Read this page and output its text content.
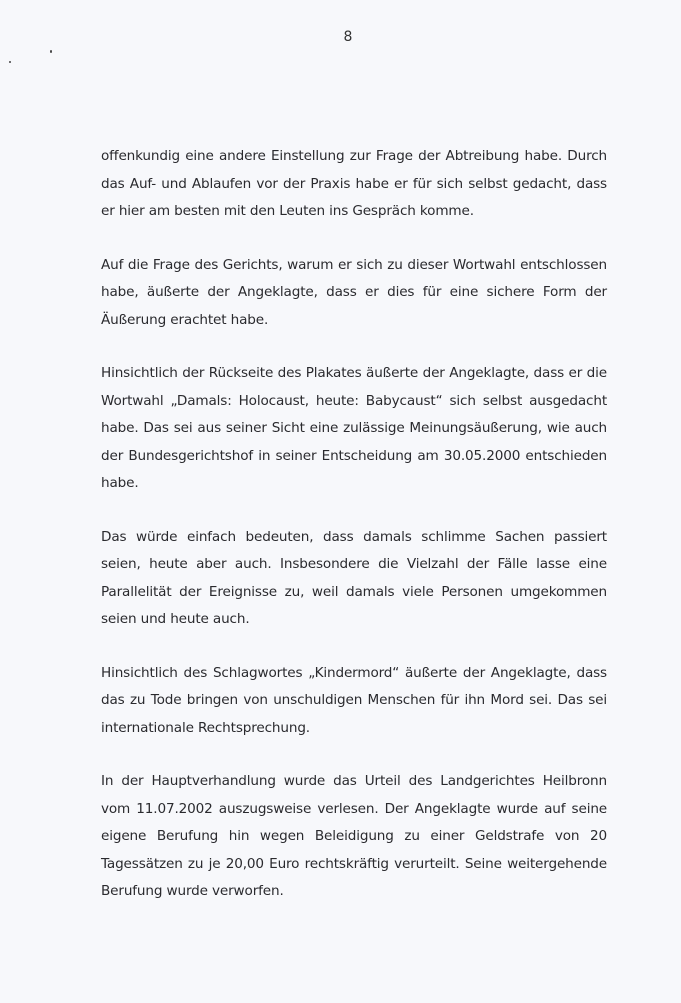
8

offenkundig eine andere Einstellung zur Frage der Abtreibung habe. Durch das Auf- und Ablaufen vor der Praxis habe er für sich selbst gedacht, dass er hier am besten mit den Leuten ins Gespräch komme.

Auf die Frage des Gerichts, warum er sich zu dieser Wortwahl entschlossen habe, äußerte der Angeklagte, dass er dies für eine sichere Form der Äußerung erachtet habe.

Hinsichtlich der Rückseite des Plakates äußerte der Angeklagte, dass er die Wortwahl „Damals: Holocaust, heute: Babycaust“ sich selbst ausgedacht habe. Das sei aus seiner Sicht eine zulässige Meinungsäußerung, wie auch der Bundesgerichtshof in seiner Entscheidung am 30.05.2000 entschieden habe.

Das würde einfach bedeuten, dass damals schlimme Sachen passiert seien, heute aber auch. Insbesondere die Vielzahl der Fälle lasse eine Parallelität der Ereignisse zu, weil damals viele Personen umgekommen seien und heute auch.

Hinsichtlich des Schlagwortes „Kindermord“ äußerte der Angeklagte, dass das zu Tode bringen von unschuldigen Menschen für ihn Mord sei. Das sei internationale Rechtsprechung.

In der Hauptverhandlung wurde das Urteil des Landgerichtes Heilbronn vom 11.07.2002 auszugsweise verlesen. Der Angeklagte wurde auf seine eigene Berufung hin wegen Beleidigung zu einer Geldstrafe von 20 Tagessätzen zu je 20,00 Euro rechtskräftig verurteilt. Seine weitergehende Berufung wurde verworfen.
